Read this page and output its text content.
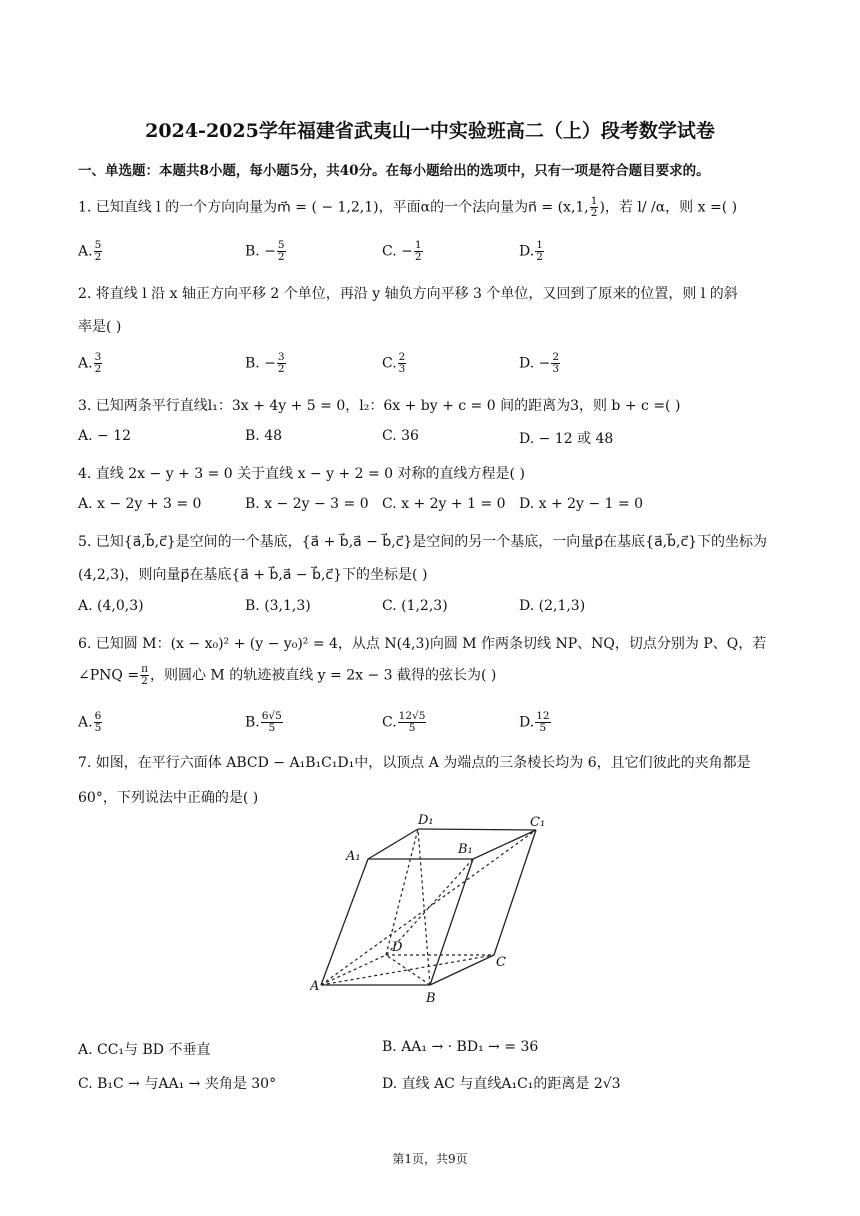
2024-2025学年福建省武夷山一中实验班高二（上）段考数学试卷
一、单选题：本题共8小题，每小题5分，共40分。在每小题给出的选项中，只有一项是符合题目要求的。
1. 已知直线 l 的一个方向向量为m⃗ = ( − 1,2,1)，平面α的一个法向量为n⃗ = (x,1, $\frac{1}{2}$ )，若 l/ /α，则 x =( )
A. $\frac{5}{2}$	B. − $\frac{5}{2}$	C. − $\frac{1}{2}$	D. $\frac{1}{2}$
2. 将直线 l 沿 x 轴正方向平移 2 个单位，再沿 y 轴负方向平移 3 个单位，又回到了原来的位置，则 l 的斜
率是( )
A. $\frac{3}{2}$	B. − $\frac{3}{2}$	C. $\frac{2}{3}$	D. − $\frac{2}{3}$
3. 已知两条平行直线l₁：3x + 4y + 5 = 0，l₂：6x + by + c = 0 间的距离为3，则 b + c =( )
A. − 12	B. 48	C. 36	D. − 12 或 48
4. 直线 2x − y + 3 = 0 关于直线 x − y + 2 = 0 对称的直线方程是( )
A. x − 2y + 3 = 0	B. x − 2y − 3 = 0 C. x + 2y + 1 = 0 D. x + 2y − 1 = 0
5. 已知{a⃗,b⃗,c⃗}是空间的一个基底，{a⃗ + b⃗,a⃗ − b⃗,c⃗}是空间的另一个基底，一向量p⃗在基底{a⃗,b⃗,c⃗}下的坐标为
(4,2,3)，则向量p⃗在基底{a⃗ + b⃗,a⃗ − b⃗,c⃗}下的坐标是( )
A. (4,0,3)	B. (3,1,3)	C. (1,2,3)	D. (2,1,3)
6. 已知圆 M：(x − x₀)² + (y − y₀)² = 4，从点 N(4,3)向圆 M 作两条切线 NP、NQ，切点分别为 P、Q，若
∠PNQ = $\frac{\pi}{2}$ ，则圆心 M 的轨迹被直线 y = 2x − 3 截得的弦长为( )
A. $\frac{6}{5}$	B. $\frac{6√5}{5}$	C. $\frac{12√5}{5}$	D. $\frac{12}{5}$
7. 如图，在平行六面体 ABCD − A₁B₁C₁D₁中，以顶点 A 为端点的三条棱长均为 6，且它们彼此的夹角都是
60°，下列说法中正确的是( )
D₁	C₁
A₁	B₁
D
C
A
B
A. CC₁与 BD 不垂直	B. AA₁ → · BD₁ → = 36
C. B₁C → 与AA₁ → 夹角是 30°	D. 直线 AC 与直线A₁C₁的距离是 2√3
第1页，共9页
